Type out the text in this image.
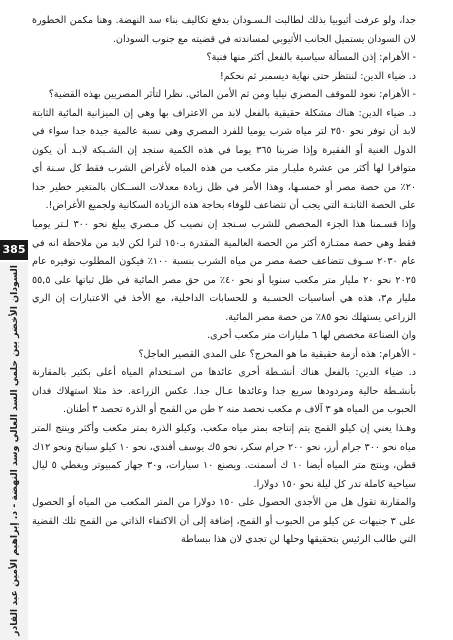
جدا، ولو عرفت أثيوبيا بذلك لطالبت الـسـودان بدفع تكاليف بناء سد النهضة. وهنا مكمن الخطورة لان السودان يستميل الجانب الأثيوبي لمساندته في قضيته مع جنوب السودان.

- الأهرام: إذن المسألة سياسية بالفعل أكثر منها فنية؟

د. ضياء الدين: لننتظر حتى نهاية ديسمبر ثم نحكم!

- الأهرام: نعود للموقف المصري نيليا ومن ثم الأمن المائي. نظرا لتأثر المصريين بهذه القضية؟

د. ضياء الدين: هناك مشكلة حقيقية بالفعل لابد من الاعتراف بها وهي إن الميزانية المائية الثابتة لابد أن توفر نحو ٢٥٠ لتر مياه شرب يوميا للفرد المصري وهي نسبة عالمية جيدة جدا سواء في الدول الغنية أو الفقيرة وإذا ضربنا ٣٦٥ يوما في هذه الكمية سنجد إن الشـبكة لابـد أن يكون متوافرا لها أكثر من عشرة مليـار متر مكعب من هذه المياه لأغراض الشرب فقط كل سـنة أي ٢٠٪ من حصة مصر أو خمسـها، وهذا الأمر في ظل زيادة معدلات الســكان بالمتغير خطير جدا على الحصة الثابتـة التي يجب أن تتضاعف للوفاء بحاجة هذه الزيادة السكانية ولجميع الأغراض!.

وإذا قسـمنا هذا الجزء المخصص للشرب سـنجد إن نصيب كل مـصري يبلغ نحو ٣٠٠ لـتر يوميا فقط وهي حصة ممتـازة أكثر من الحصة العالمية المقدرة بـ١٥٠ لترا لكن لابد من ملاحظة انه في عام ٢٠٣٠ سـوف تتضاعف حصة مصر من مياه الشرب بنسبة ١٠٠٪ فيكون المطلوب توفيره عام ٢٠٢٥ نحو ٢٠ مليار متر مكعب سنويا أو نحو ٤٠٪ من حق مصر المائية في ظل ثباتها على ٥٥,٥ مليار م٣، هذه هي أساسيات الحسـبة و للحسابات الداخلية، مع الأخذ في الاعتبارات إن الري الزراعي يستهلك نحو ٨٥٪ من حصة مصر المائية.

وان الصناعة مخصص لها ٦ مليارات متر مكعب أخرى.

- الأهرام: هذه أزمة حقيقية ما هو المخرج؟ على المدى القصير العاجل؟

د. ضياء الدين: بالفعل هناك أنشـطة أخرى عائدها من اسـتخدام المياه أعلى بكثير بالمقارنة بأنشـطة حالية ومردودها سريع جدا وعائدها عـال جدا. عكس الزراعة. خذ مثلا استهلاك فدان الحبوب من المياه هو ٣ آلاف م مكعب نحصد منه ٢ طن من القمح أو الذرة تحصد ٣ أطنان.

وهـذا يعني إن كيلو القمح يتم إنتاجه بمتر مياه مكعب. وكيلو الذرة بمتر مكعب وأكثر وينتج المتر مياه نحو ٣٠٠ جرام أرز، نحو ٢٠٠ جرام سكر، نحو ٥ك يوسف أفندي، نحو ١٠ كيلو سبانخ ونحو ١٢ك قطن، وينتج متر المياه أيضا ١٠ ك أسمنت. ويصنع ١٠ سيارات، و٣٠ جهاز كمبيوتر ويغطي ٥ ليال سياحية كاملة تدر كل ليلة نحو ١٥٠ دولارا.

والمقارنة تقول هل من الأجدى الحصول على ١٥٠ دولارا من المتر المكعب من المياه أو الحصول على ٣ جنيهات عن كيلو من الحبوب أو القمح، إضافة إلى أن الاكتفاء الذاتي من القمح تلك القضية التي طالب الرئيس بتحقيقها وحلها لن تجدي لان هذا ببساطة

385
السودان الأخضر بين حلمي السد العالي وسد النهضة - د. إبراهيم الأمين عبد القادر
